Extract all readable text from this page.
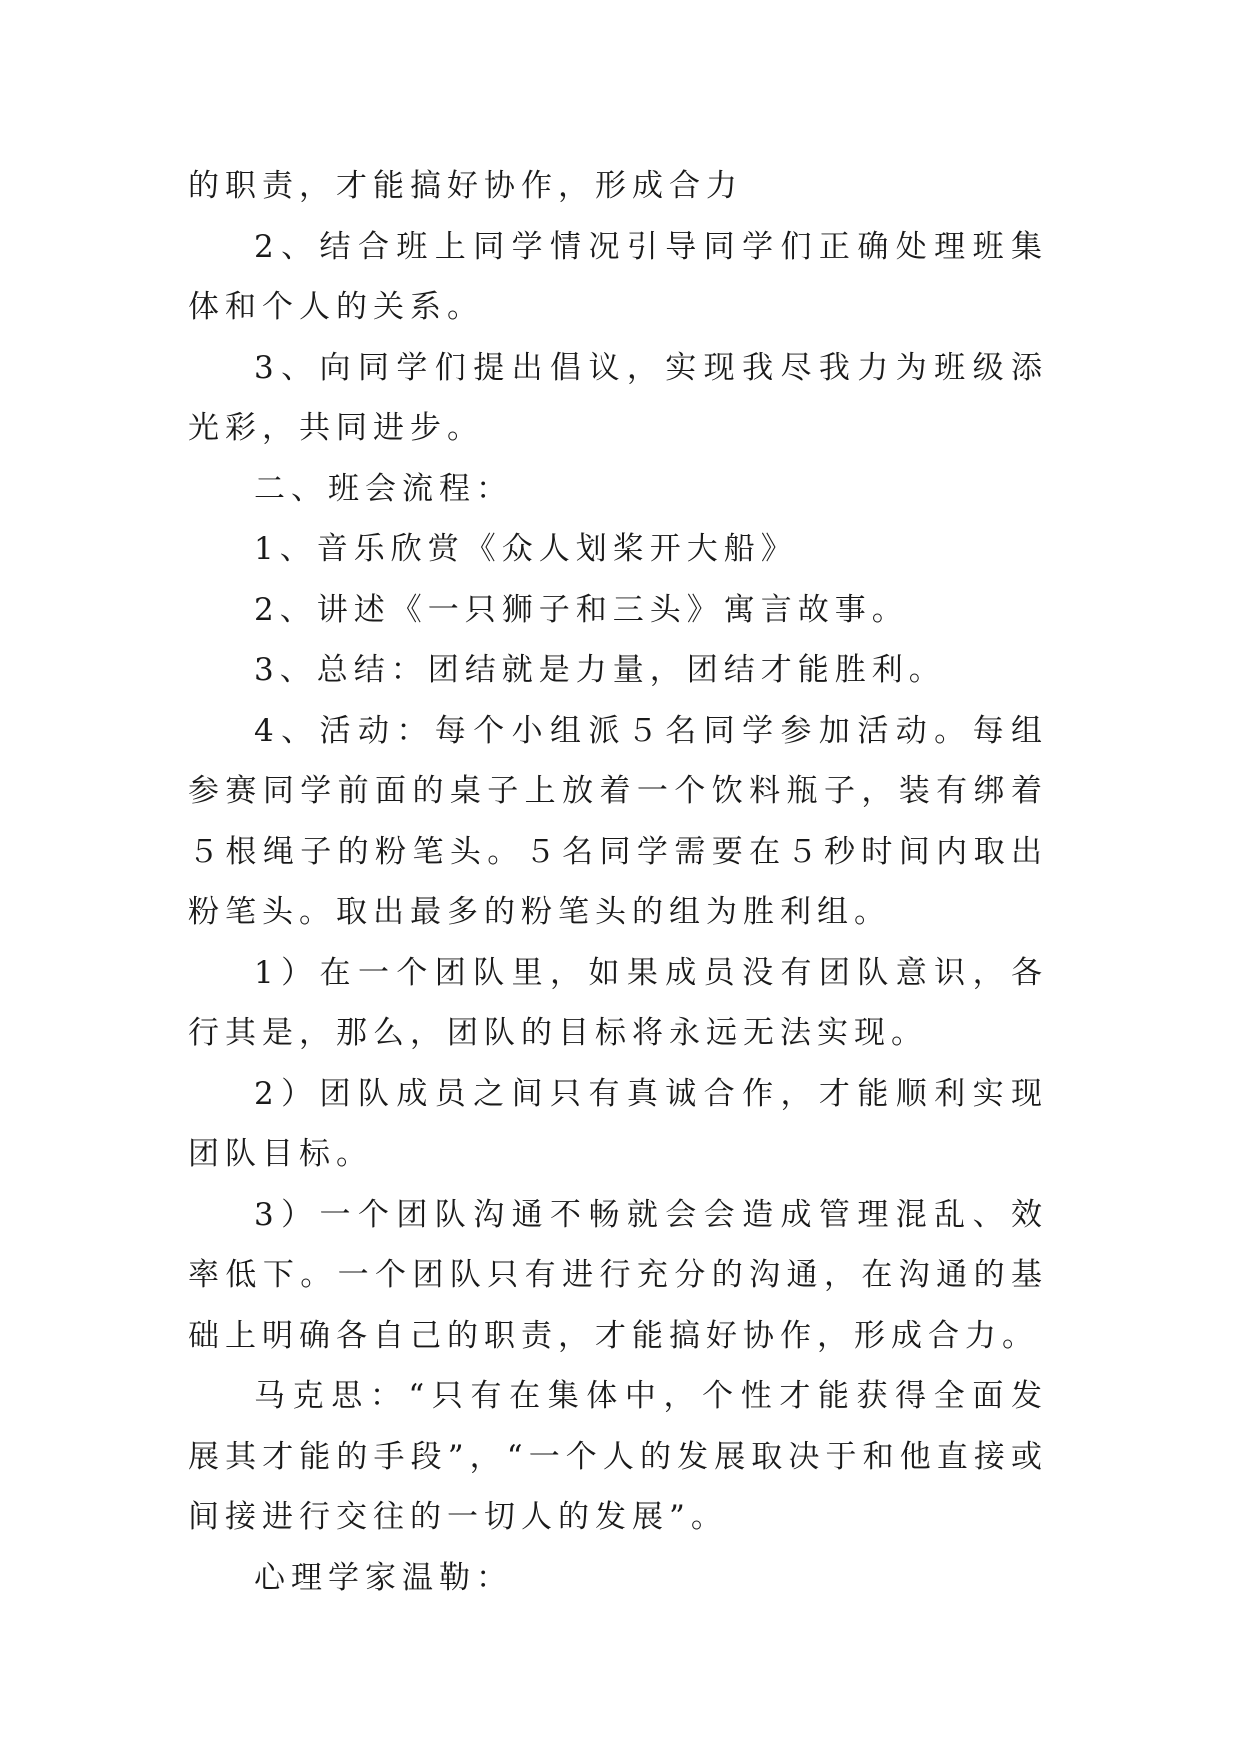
的职责，才能搞好协作，形成合力

2、结合班上同学情况引导同学们正确处理班集体和个人的关系。

3、向同学们提出倡议，实现我尽我力为班级添光彩，共同进步。

二、班会流程：

1、音乐欣赏《众人划桨开大船》

2、讲述《一只狮子和三头》寓言故事。

3、总结：团结就是力量，团结才能胜利。

4、活动：每个小组派５名同学参加活动。每组参赛同学前面的桌子上放着一个饮料瓶子，装有绑着５根绳子的粉笔头。５名同学需要在５秒时间内取出粉笔头。取出最多的粉笔头的组为胜利组。

1）在一个团队里，如果成员没有团队意识，各行其是，那么，团队的目标将永远无法实现。

2）团队成员之间只有真诚合作，才能顺利实现团队目标。

3）一个团队沟通不畅就会会造成管理混乱、效率低下。一个团队只有进行充分的沟通，在沟通的基础上明确各自己的职责，才能搞好协作，形成合力。

马克思：“只有在集体中，个性才能获得全面发展其才能的手段”，“一个人的发展取决于和他直接或间接进行交往的一切人的发展”。

心理学家温勒：
